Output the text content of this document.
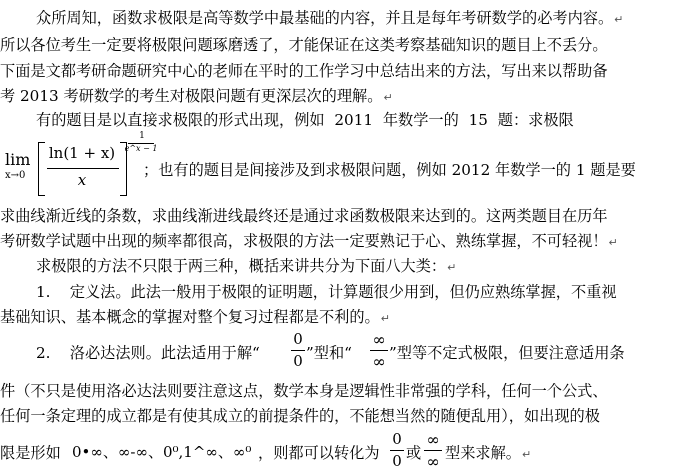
众所周知，函数求极限是高等数学中最基础的内容，并且是每年考研数学的必考内容。↵
所以各位考生一定要将极限问题琢磨透了，才能保证在这类考察基础知识的题目上不丢分。
下面是文都考研命题研究中心的老师在平时的工作学习中总结出来的方法，写出来以帮助备
考 2013 考研数学的考生对极限问题有更深层次的理解。↵
有的题目是以直接求极限的形式出现，例如 2011 年数学一的 15 题：求极限
lim
x→0
ln(1 + x)
x
1
e^x − 1
；也有的题目是间接涉及到求极限问题，例如 2012 年数学一的 1 题是要
求曲线渐近线的条数，求曲线渐进线最终还是通过求函数极限来达到的。这两类题目在历年
考研数学试题中出现的频率都很高，求极限的方法一定要熟记于心、熟练掌握，不可轻视！↵
求极限的方法不只限于两三种，概括来讲共分为下面八大类：↵
1.    定义法。此法一般用于极限的证明题，计算题很少用到，但仍应熟练掌握，不重视
基础知识、基本概念的掌握对整个复习过程都是不利的。↵
2.    洛必达法则。此法适用于解“
0
0 ”型和“
∞
∞ ”型等不定式极限，但要注意适用条
件（不只是使用洛必达法则要注意这点，数学本身是逻辑性非常强的学科，任何一个公式、
任何一条定理的成立都是有使其成立的前提条件的，不能想当然的随便乱用），如出现的极
限是形如 0•∞、∞-∞、0⁰,1^∞、∞⁰ ，则都可以转化为
0
0 或
∞
∞ 型来求解。↵
